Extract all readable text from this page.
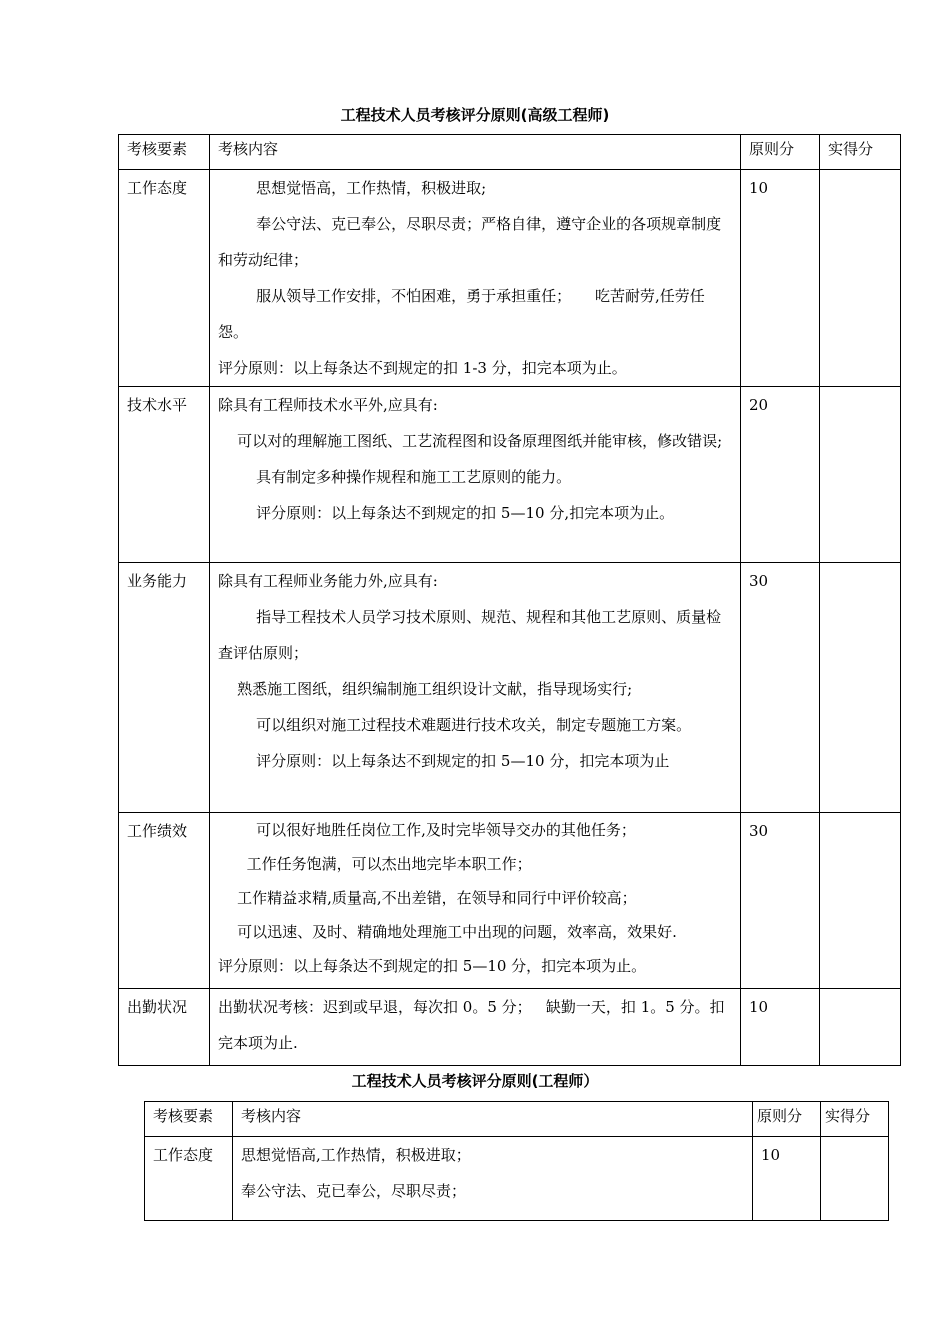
工程技术人员考核评分原则(高级工程师)
考核要素	考核内容	原则分	实得分
工作态度	思想觉悟高，工作热情，积极进取;

奉公守法、克已奉公，尽职尽责；严格自律，遵守企业的各项规章制度和劳动纪律；

服从领导工作安排，不怕困难，勇于承担重任；     吃苦耐劳,任劳任怨。

评分原则：以上每条达不到规定的扣 1-3 分，扣完本项为止。	10	
技术水平	除具有工程师技术水平外,应具有:

可以对的理解施工图纸、工艺流程图和设备原理图纸并能审核，修改错误;

具有制定多种操作规程和施工工艺原则的能力。

评分原则：以上每条达不到规定的扣 5—10 分,扣完本项为止。	20	
业务能力	除具有工程师业务能力外,应具有:

指导工程技术人员学习技术原则、规范、规程和其他工艺原则、质量检查评估原则；

熟悉施工图纸，组织编制施工组织设计文献，指导现场实行;

可以组织对施工过程技术难题进行技术攻关，制定专题施工方案。

评分原则：以上每条达不到规定的扣 5—10 分，扣完本项为止	30	
工作绩效	可以很好地胜任岗位工作,及时完毕领导交办的其他任务；

工作任务饱满，可以杰出地完毕本职工作；

工作精益求精,质量高,不出差错，在领导和同行中评价较高；

可以迅速、及时、精确地处理施工中出现的问题，效率高，效果好.

评分原则：以上每条达不到规定的扣 5—10 分，扣完本项为止。	30	
出勤状况	出勤状况考核：迟到或早退，每次扣 0。5 分；   缺勤一天，扣 1。5 分。扣完本项为止.	10	
工程技术人员考核评分原则(工程师）
考核要素	考核内容	原则分	实得分
工作态度	思想觉悟高,工作热情，积极进取；

奉公守法、克已奉公，尽职尽责；	10	
